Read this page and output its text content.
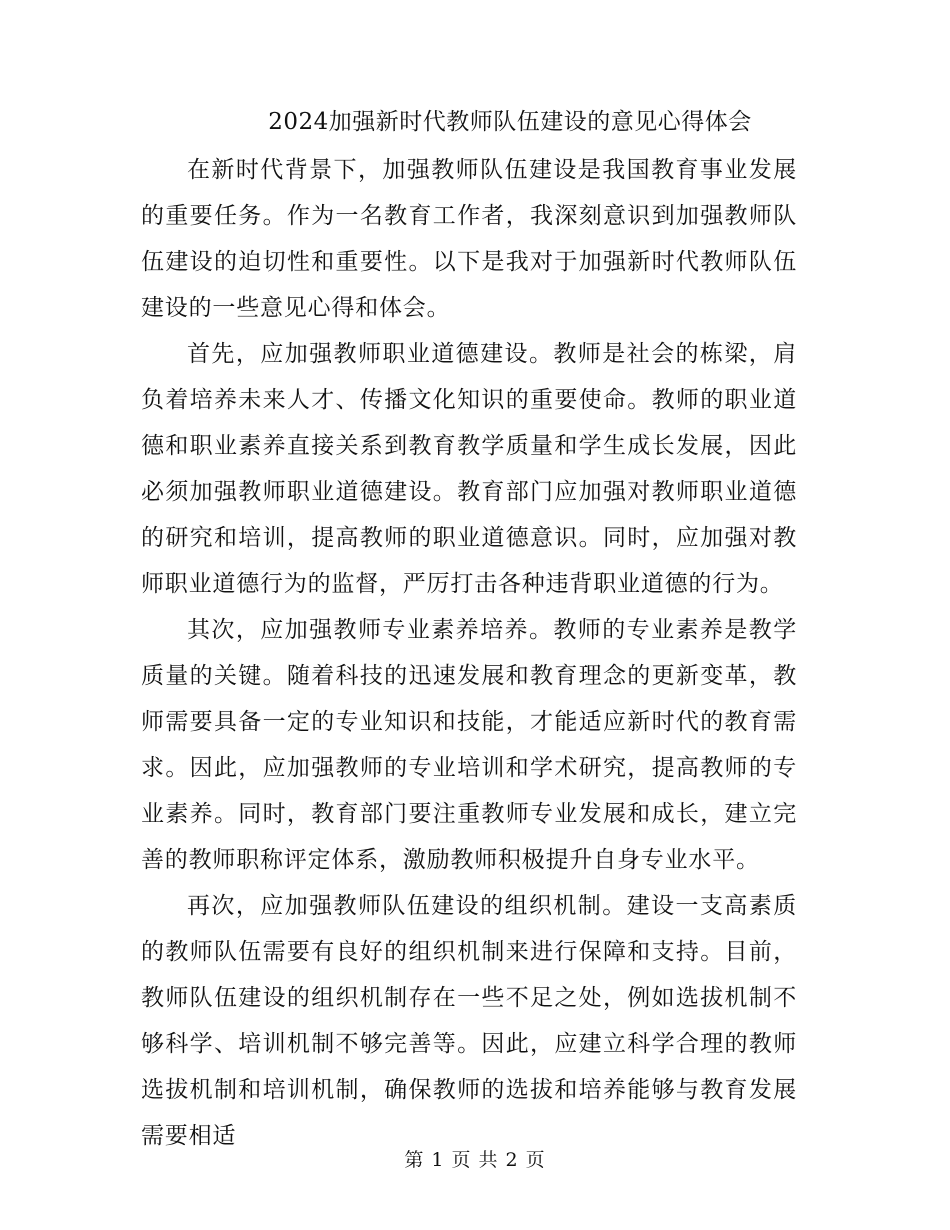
2024加强新时代教师队伍建设的意见心得体会

在新时代背景下，加强教师队伍建设是我国教育事业发展的重要任务。作为一名教育工作者，我深刻意识到加强教师队伍建设的迫切性和重要性。以下是我对于加强新时代教师队伍建设的一些意见心得和体会。

首先，应加强教师职业道德建设。教师是社会的栋梁，肩负着培养未来人才、传播文化知识的重要使命。教师的职业道德和职业素养直接关系到教育教学质量和学生成长发展，因此必须加强教师职业道德建设。教育部门应加强对教师职业道德的研究和培训，提高教师的职业道德意识。同时，应加强对教师职业道德行为的监督，严厉打击各种违背职业道德的行为。

其次，应加强教师专业素养培养。教师的专业素养是教学质量的关键。随着科技的迅速发展和教育理念的更新变革，教师需要具备一定的专业知识和技能，才能适应新时代的教育需求。因此，应加强教师的专业培训和学术研究，提高教师的专业素养。同时，教育部门要注重教师专业发展和成长，建立完善的教师职称评定体系，激励教师积极提升自身专业水平。

再次，应加强教师队伍建设的组织机制。建设一支高素质的教师队伍需要有良好的组织机制来进行保障和支持。目前，教师队伍建设的组织机制存在一些不足之处，例如选拔机制不够科学、培训机制不够完善等。因此，应建立科学合理的教师选拔机制和培训机制，确保教师的选拔和培养能够与教育发展需要相适

第 1 页 共 2 页
